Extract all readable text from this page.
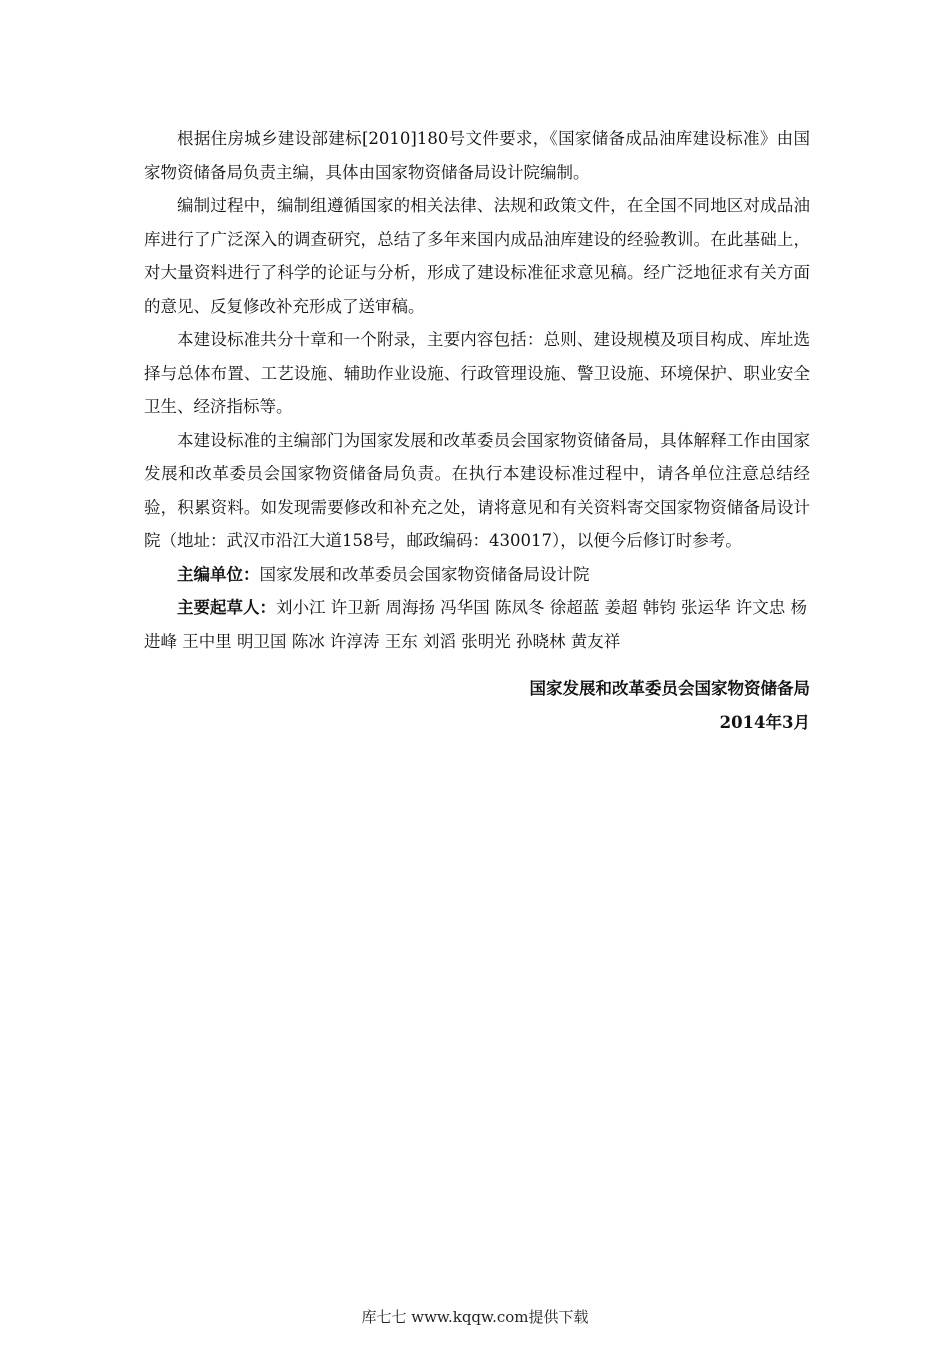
根据住房城乡建设部建标[2010]180号文件要求，《国家储备成品油库建设标准》由国家物资储备局负责主编，具体由国家物资储备局设计院编制。

编制过程中，编制组遵循国家的相关法律、法规和政策文件，在全国不同地区对成品油库进行了广泛深入的调查研究，总结了多年来国内成品油库建设的经验教训。在此基础上，对大量资料进行了科学的论证与分析，形成了建设标准征求意见稿。经广泛地征求有关方面的意见、反复修改补充形成了送审稿。

本建设标准共分十章和一个附录，主要内容包括：总则、建设规模及项目构成、库址选择与总体布置、工艺设施、辅助作业设施、行政管理设施、警卫设施、环境保护、职业安全卫生、经济指标等。

本建设标准的主编部门为国家发展和改革委员会国家物资储备局，具体解释工作由国家发展和改革委员会国家物资储备局负责。在执行本建设标准过程中，请各单位注意总结经验，积累资料。如发现需要修改和补充之处，请将意见和有关资料寄交国家物资储备局设计院（地址：武汉市沿江大道158号，邮政编码：430017），以便今后修订时参考。

主编单位：国家发展和改革委员会国家物资储备局设计院

主要起草人：刘小江 许卫新 周海扬 冯华国 陈凤冬 徐超蓝 姜超 韩钧 张运华 许文忠 杨进峰 王中里 明卫国 陈冰 许淳涛 王东 刘滔 张明光 孙晓林 黄友祥

国家发展和改革委员会国家物资储备局

2014年3月

库七七 www.kqqw.com提供下载
